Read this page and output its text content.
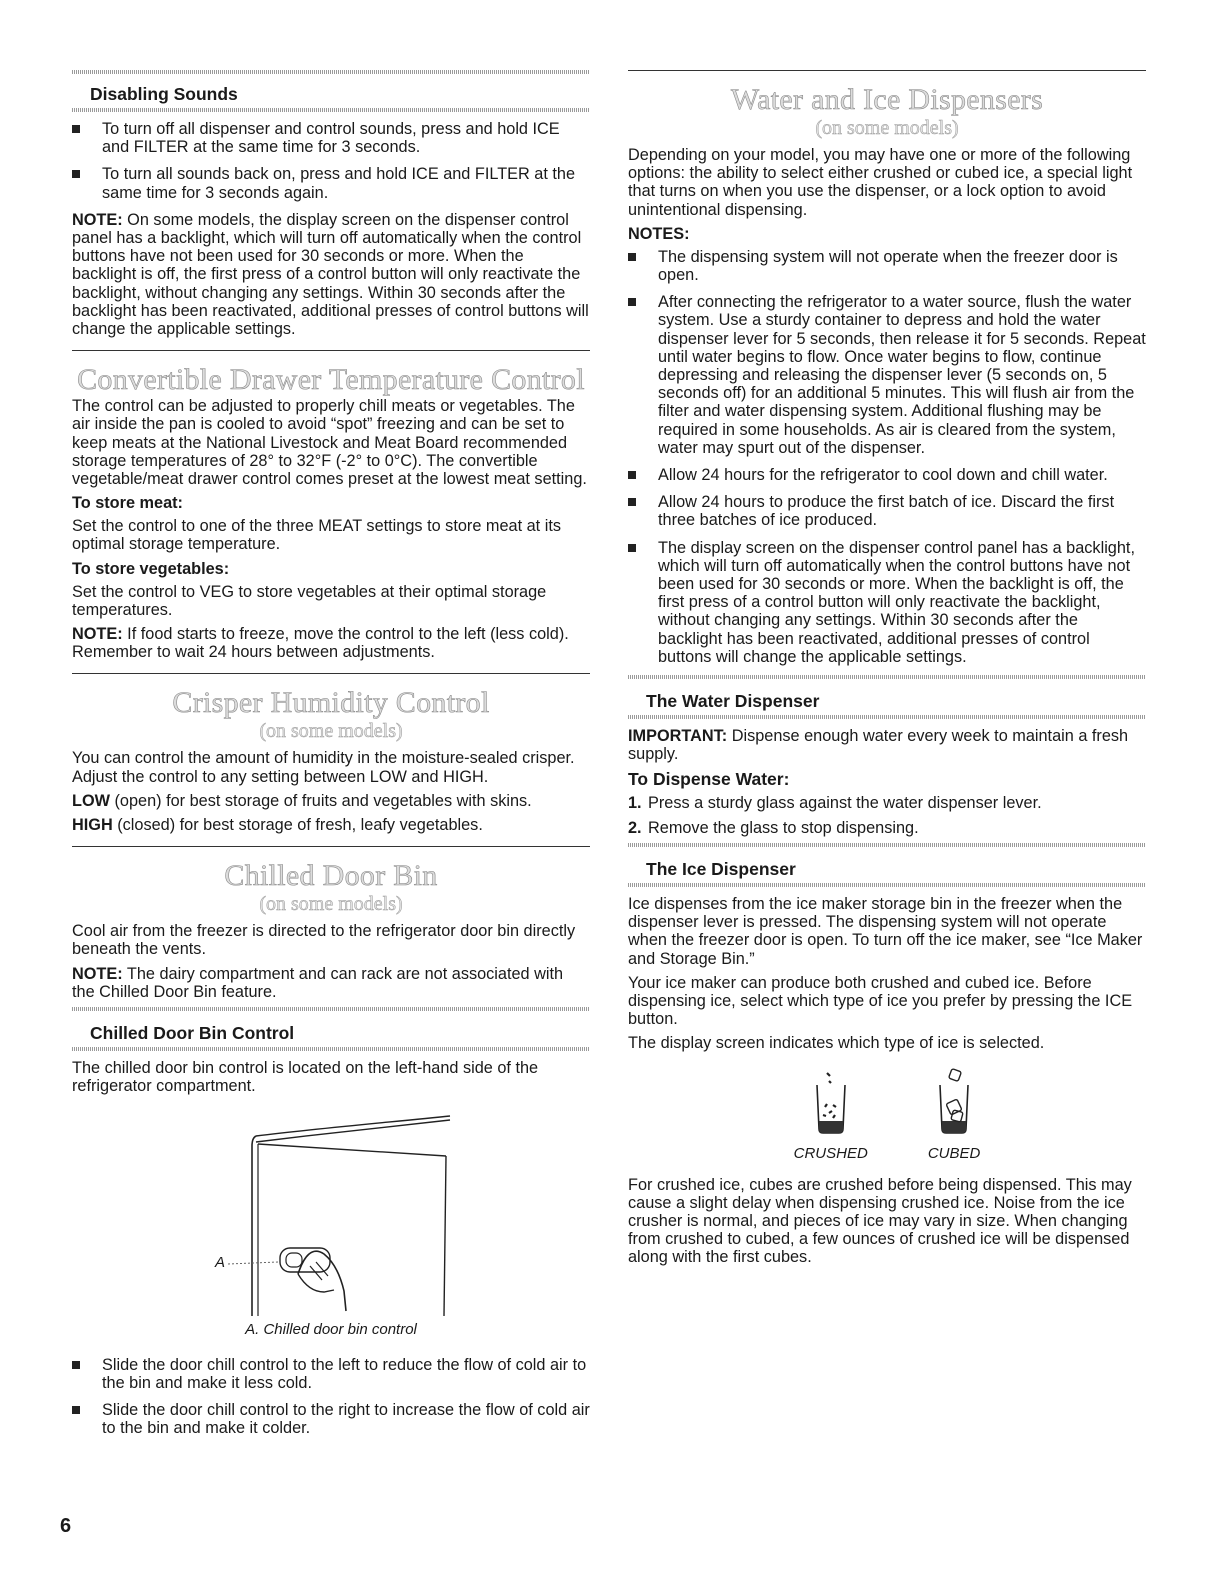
Disabling Sounds
To turn off all dispenser and control sounds, press and hold ICE and FILTER at the same time for 3 seconds.
To turn all sounds back on, press and hold ICE and FILTER at the same time for 3 seconds again.

NOTE: On some models, the display screen on the dispenser control panel has a backlight, which will turn off automatically when the control buttons have not been used for 30 seconds or more. When the backlight is off, the first press of a control button will only reactivate the backlight, without changing any settings. Within 30 seconds after the backlight has been reactivated, additional presses of control buttons will change the applicable settings.

Convertible Drawer Temperature Control

The control can be adjusted to properly chill meats or vegetables. The air inside the pan is cooled to avoid “spot” freezing and can be set to keep meats at the National Livestock and Meat Board recommended storage temperatures of 28° to 32°F (-2° to 0°C). The convertible vegetable/meat drawer control comes preset at the lowest meat setting.

To store meat:

Set the control to one of the three MEAT settings to store meat at its optimal storage temperature.

To store vegetables:

Set the control to VEG to store vegetables at their optimal storage temperatures.

NOTE: If food starts to freeze, move the control to the left (less cold). Remember to wait 24 hours between adjustments.

Crisper Humidity Control
(on some models)

You can control the amount of humidity in the moisture-sealed crisper. Adjust the control to any setting between LOW and HIGH.

LOW (open) for best storage of fruits and vegetables with skins.

HIGH (closed) for best storage of fresh, leafy vegetables.

Chilled Door Bin
(on some models)

Cool air from the freezer is directed to the refrigerator door bin directly beneath the vents.

NOTE: The dairy compartment and can rack are not associated with the Chilled Door Bin feature.

Chilled Door Bin Control

The chilled door bin control is located on the left-hand side of the refrigerator compartment.

A
A. Chilled door bin control
Slide the door chill control to the left to reduce the flow of cold air to the bin and make it less cold.
Slide the door chill control to the right to increase the flow of cold air to the bin and make it colder.
Water and Ice Dispensers
(on some models)

Depending on your model, you may have one or more of the following options: the ability to select either crushed or cubed ice, a special light that turns on when you use the dispenser, or a lock option to avoid unintentional dispensing.

NOTES:
The dispensing system will not operate when the freezer door is open.
After connecting the refrigerator to a water source, flush the water system. Use a sturdy container to depress and hold the water dispenser lever for 5 seconds, then release it for 5 seconds. Repeat until water begins to flow. Once water begins to flow, continue depressing and releasing the dispenser lever (5 seconds on, 5 seconds off) for an additional 5 minutes. This will flush air from the filter and water dispensing system. Additional flushing may be required in some households. As air is cleared from the system, water may spurt out of the dispenser.
Allow 24 hours for the refrigerator to cool down and chill water.
Allow 24 hours to produce the first batch of ice. Discard the first three batches of ice produced.
The display screen on the dispenser control panel has a backlight, which will turn off automatically when the control buttons have not been used for 30 seconds or more. When the backlight is off, the first press of a control button will only reactivate the backlight, without changing any settings. Within 30 seconds after the backlight has been reactivated, additional presses of control buttons will change the applicable settings.
The Water Dispenser

IMPORTANT: Dispense enough water every week to maintain a fresh supply.

To Dispense Water:
1. Press a sturdy glass against the water dispenser lever.
2. Remove the glass to stop dispensing.
The Ice Dispenser

Ice dispenses from the ice maker storage bin in the freezer when the dispenser lever is pressed. The dispensing system will not operate when the freezer door is open. To turn off the ice maker, see “Ice Maker and Storage Bin.”

Your ice maker can produce both crushed and cubed ice. Before dispensing ice, select which type of ice you prefer by pressing the ICE button.

The display screen indicates which type of ice is selected.

CRUSHED	CUBED

For crushed ice, cubes are crushed before being dispensed. This may cause a slight delay when dispensing crushed ice. Noise from the ice crusher is normal, and pieces of ice may vary in size. When changing from crushed to cubed, a few ounces of crushed ice will be dispensed along with the first cubes.

6
